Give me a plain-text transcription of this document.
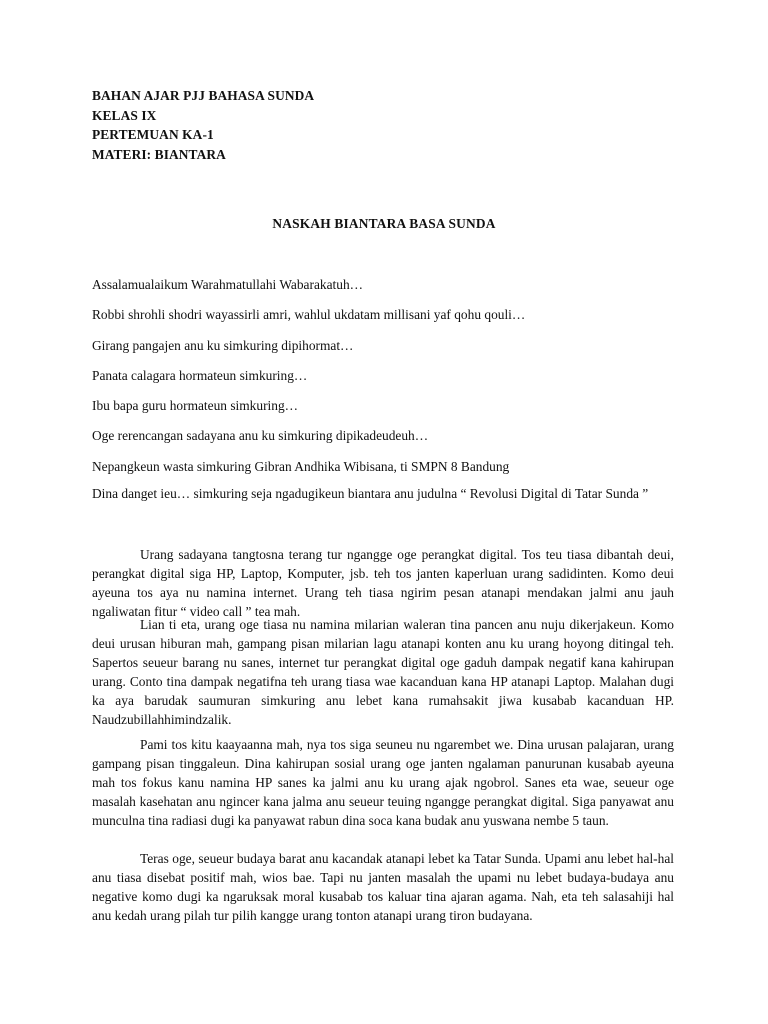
BAHAN AJAR PJJ BAHASA SUNDA
KELAS IX
PERTEMUAN KA-1
MATERI: BIANTARA
NASKAH BIANTARA BASA SUNDA
Assalamualaikum Warahmatullahi Wabarakatuh…
Robbi shrohli shodri wayassirli amri, wahlul ukdatam millisani yaf qohu qouli…
Girang pangajen anu ku simkuring dipihormat…
Panata calagara hormateun simkuring…
Ibu bapa guru hormateun simkuring…
Oge rerencangan sadayana anu ku simkuring dipikadeudeuh…
Nepangkeun wasta simkuring Gibran Andhika Wibisana, ti SMPN 8 Bandung
Dina danget ieu… simkuring seja ngadugikeun biantara anu judulna “ Revolusi Digital di Tatar Sunda ”
Urang sadayana tangtosna terang tur ngangge oge perangkat digital. Tos teu tiasa dibantah deui, perangkat digital siga HP, Laptop, Komputer, jsb. teh tos janten kaperluan urang sadidinten. Komo deui ayeuna tos aya nu namina internet. Urang teh tiasa ngirim pesan atanapi mendakan jalmi anu jauh ngaliwatan fitur “ video call ” tea mah.
Lian ti eta, urang oge tiasa nu namina milarian waleran tina pancen anu nuju dikerjakeun. Komo deui urusan hiburan mah, gampang pisan milarian lagu atanapi konten anu ku urang hoyong ditingal teh. Sapertos seueur barang nu sanes, internet tur perangkat digital oge gaduh dampak negatif kana kahirupan urang. Conto tina dampak negatifna teh urang tiasa wae kacanduan kana HP atanapi Laptop. Malahan dugi ka aya barudak saumuran simkuring anu lebet kana rumahsakit jiwa kusabab kacanduan HP. Naudzubillahhimindzalik.
Pami tos kitu kaayaanna mah, nya tos siga seuneu nu ngarembet we. Dina urusan palajaran, urang gampang pisan tinggaleun. Dina kahirupan sosial urang oge janten ngalaman panurunan kusabab ayeuna mah tos fokus kanu namina HP sanes ka jalmi anu ku urang ajak ngobrol. Sanes eta wae, seueur oge masalah kasehatan anu ngincer kana jalma anu seueur teuing ngangge perangkat digital. Siga panyawat anu munculna tina radiasi dugi ka panyawat rabun dina soca kana budak anu yuswana nembe 5 taun.
Teras oge, seueur budaya barat anu kacandak atanapi lebet ka Tatar Sunda. Upami anu lebet hal-hal anu tiasa disebat positif mah, wios bae. Tapi nu janten masalah the upami nu lebet budaya-budaya anu negative komo dugi ka ngaruksak moral kusabab tos kaluar tina ajaran agama. Nah, eta teh salasahiji hal anu kedah urang pilah tur pilih kangge urang tonton atanapi urang tiron budayana.
